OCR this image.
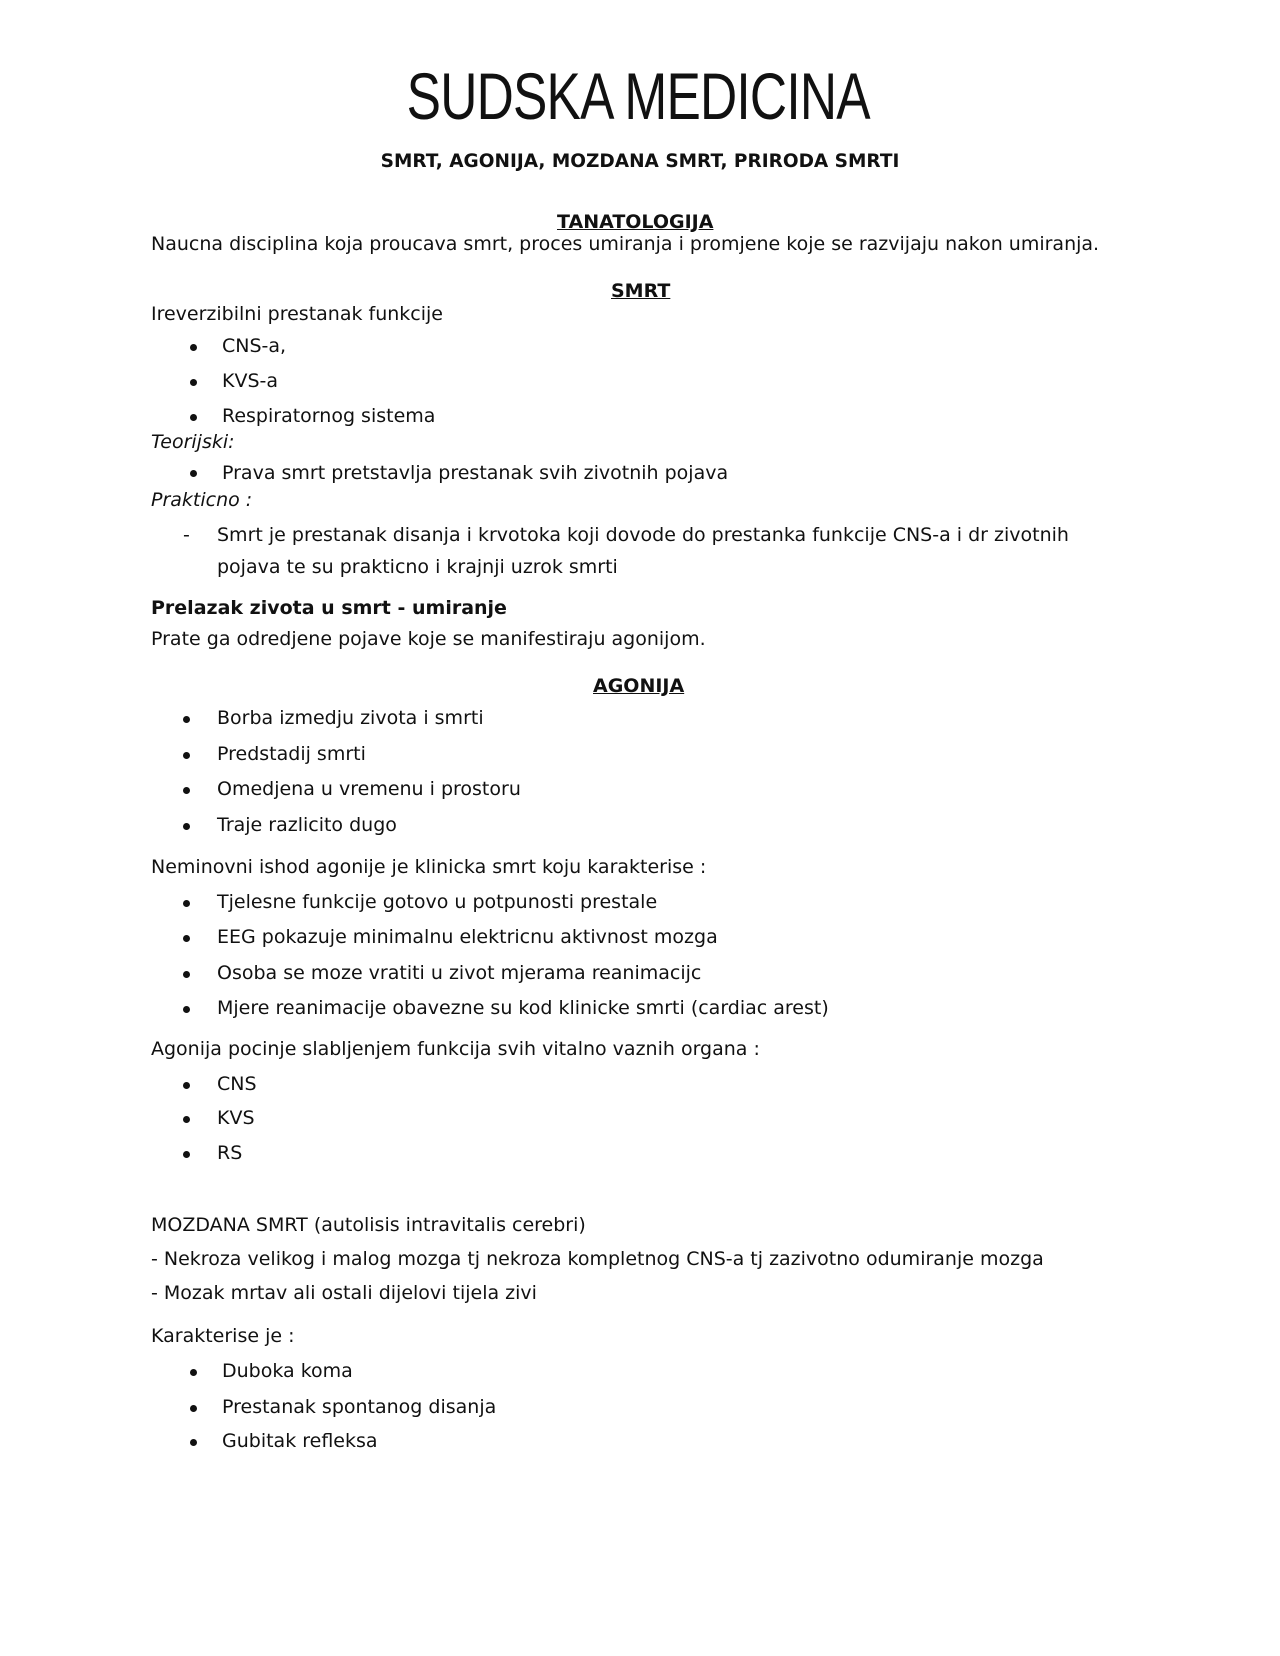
SUDSKA MEDICINA
SMRT, AGONIJA, MOZDANA SMRT, PRIRODA SMRTI
TANATOLOGIJA
Naucna disciplina koja proucava smrt, proces umiranja i promjene koje se razvijaju nakon umiranja.
SMRT
Ireverzibilni prestanak funkcije
CNS-a,
KVS-a
Respiratornog sistema
Teorijski:
Prava smrt pretstavlja prestanak svih zivotnih pojava
Prakticno :
- Smrt je prestanak disanja i krvotoka koji dovode do prestanka funkcije CNS-a i dr zivotnih
pojava te su prakticno i krajnji uzrok smrti
Prelazak zivota u smrt - umiranje
Prate ga odredjene pojave koje se manifestiraju agonijom.
AGONIJA
Borba izmedju zivota i smrti
Predstadij smrti
Omedjena u vremenu i prostoru
Traje razlicito dugo
Neminovni ishod agonije je klinicka smrt koju karakterise :
Tjelesne funkcije gotovo u potpunosti prestale
EEG pokazuje minimalnu elektricnu aktivnost mozga
Osoba se moze vratiti u zivot mjerama reanimacijc
Mjere reanimacije obavezne su kod klinicke smrti (cardiac arest)
Agonija pocinje slabljenjem funkcija svih vitalno vaznih organa :
CNS
KVS
RS
MOZDANA SMRT (autolisis intravitalis cerebri)
- Nekroza velikog i malog mozga tj nekroza kompletnog CNS-a tj zazivotno odumiranje mozga
- Mozak mrtav ali ostali dijelovi tijela zivi
Karakterise je :
Duboka koma
Prestanak spontanog disanja
Gubitak refleksa
